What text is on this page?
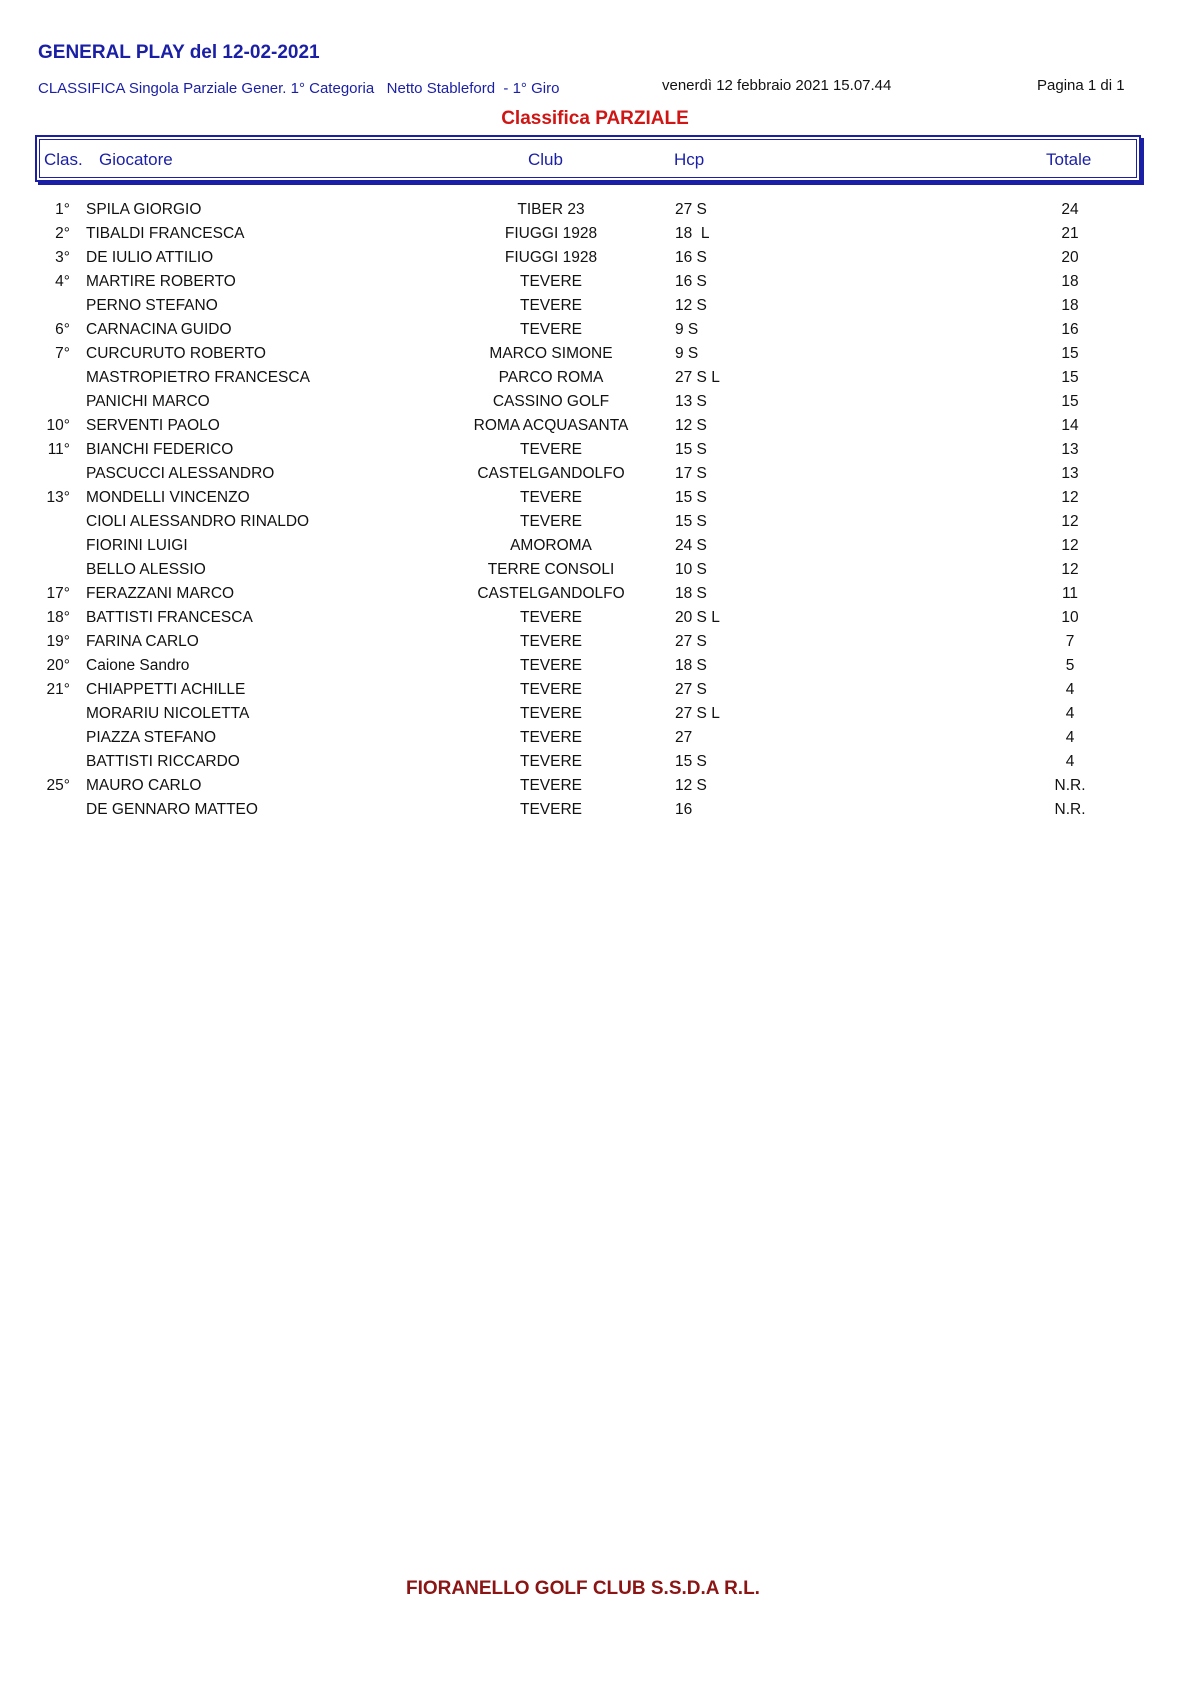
GENERAL PLAY del 12-02-2021
CLASSIFICA Singola Parziale Gener. 1° Categoria   Netto Stableford  - 1° Giro	venerdì 12 febbraio 2021 15.07.44	Pagina 1 di 1
Classifica PARZIALE
Clas. Giocatore	Club	Hcp	Totale
1° SPILA GIORGIO	TIBER 23	27 S	24
2° TIBALDI FRANCESCA	FIUGGI 1928	18  L	21
3° DE IULIO ATTILIO	FIUGGI 1928	16 S	20
4° MARTIRE ROBERTO	TEVERE	16 S	18
PERNO STEFANO	TEVERE	12 S	18
6° CARNACINA GUIDO	TEVERE	9 S	16
7° CURCURUTO ROBERTO	MARCO SIMONE	9 S	15
MASTROPIETRO FRANCESCA	PARCO ROMA	27 S L	15
PANICHI MARCO	CASSINO GOLF	13 S	15
10° SERVENTI PAOLO	ROMA ACQUASANTA	12 S	14
11° BIANCHI FEDERICO	TEVERE	15 S	13
PASCUCCI ALESSANDRO	CASTELGANDOLFO	17 S	13
13° MONDELLI VINCENZO	TEVERE	15 S	12
CIOLI ALESSANDRO RINALDO	TEVERE	15 S	12
FIORINI LUIGI	AMOROMA	24 S	12
BELLO ALESSIO	TERRE CONSOLI	10 S	12
17° FERAZZANI MARCO	CASTELGANDOLFO	18 S	11
18° BATTISTI FRANCESCA	TEVERE	20 S L	10
19° FARINA CARLO	TEVERE	27 S	7
20° Caione Sandro	TEVERE	18 S	5
21° CHIAPPETTI ACHILLE	TEVERE	27 S	4
MORARIU NICOLETTA	TEVERE	27 S L	4
PIAZZA STEFANO	TEVERE	27	4
BATTISTI RICCARDO	TEVERE	15 S	4
25° MAURO CARLO	TEVERE	12 S	N.R.
DE GENNARO MATTEO	TEVERE	16	N.R.
FIORANELLO GOLF CLUB S.S.D.A R.L.
